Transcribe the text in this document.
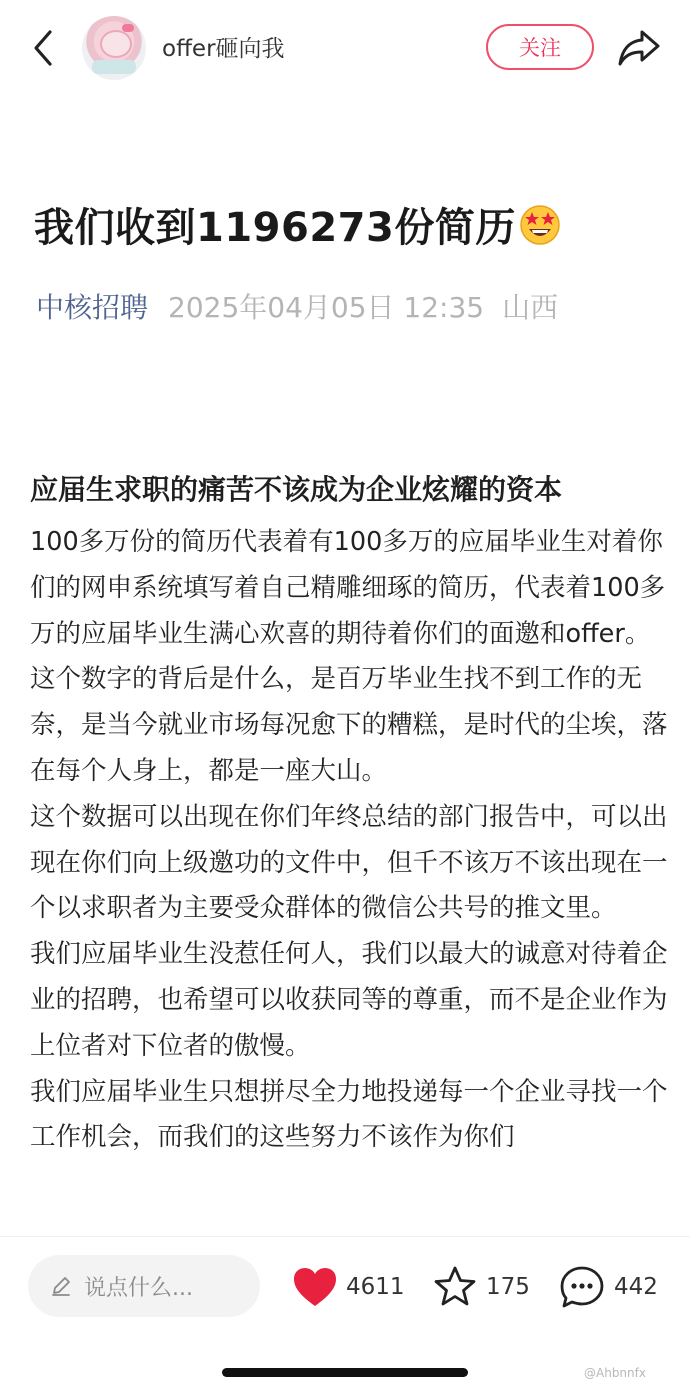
offer砸向我	关注
我们收到1196273份简历
中核招聘 2025年04月05日 12:35 山西
应届生求职的痛苦不该成为企业炫耀的资本

100多万份的简历代表着有100多万的应届毕业生对着你们的网申系统填写着自己精雕细琢的简历，代表着100多万的应届毕业生满心欢喜的期待着你们的面邀和offer。

这个数字的背后是什么，是百万毕业生找不到工作的无奈，是当今就业市场每况愈下的糟糕，是时代的尘埃，落在每个人身上，都是一座大山。

这个数据可以出现在你们年终总结的部门报告中，可以出现在你们向上级邀功的文件中，但千不该万不该出现在一个以求职者为主要受众群体的微信公共号的推文里。

我们应届毕业生没惹任何人，我们以最大的诚意对待着企业的招聘，也希望可以收获同等的尊重，而不是企业作为上位者对下位者的傲慢。

我们应届毕业生只想拼尽全力地投递每一个企业寻找一个工作机会，而我们的这些努力不该作为你们

说点什么...	4611	175	442
@Ahbnnfx
